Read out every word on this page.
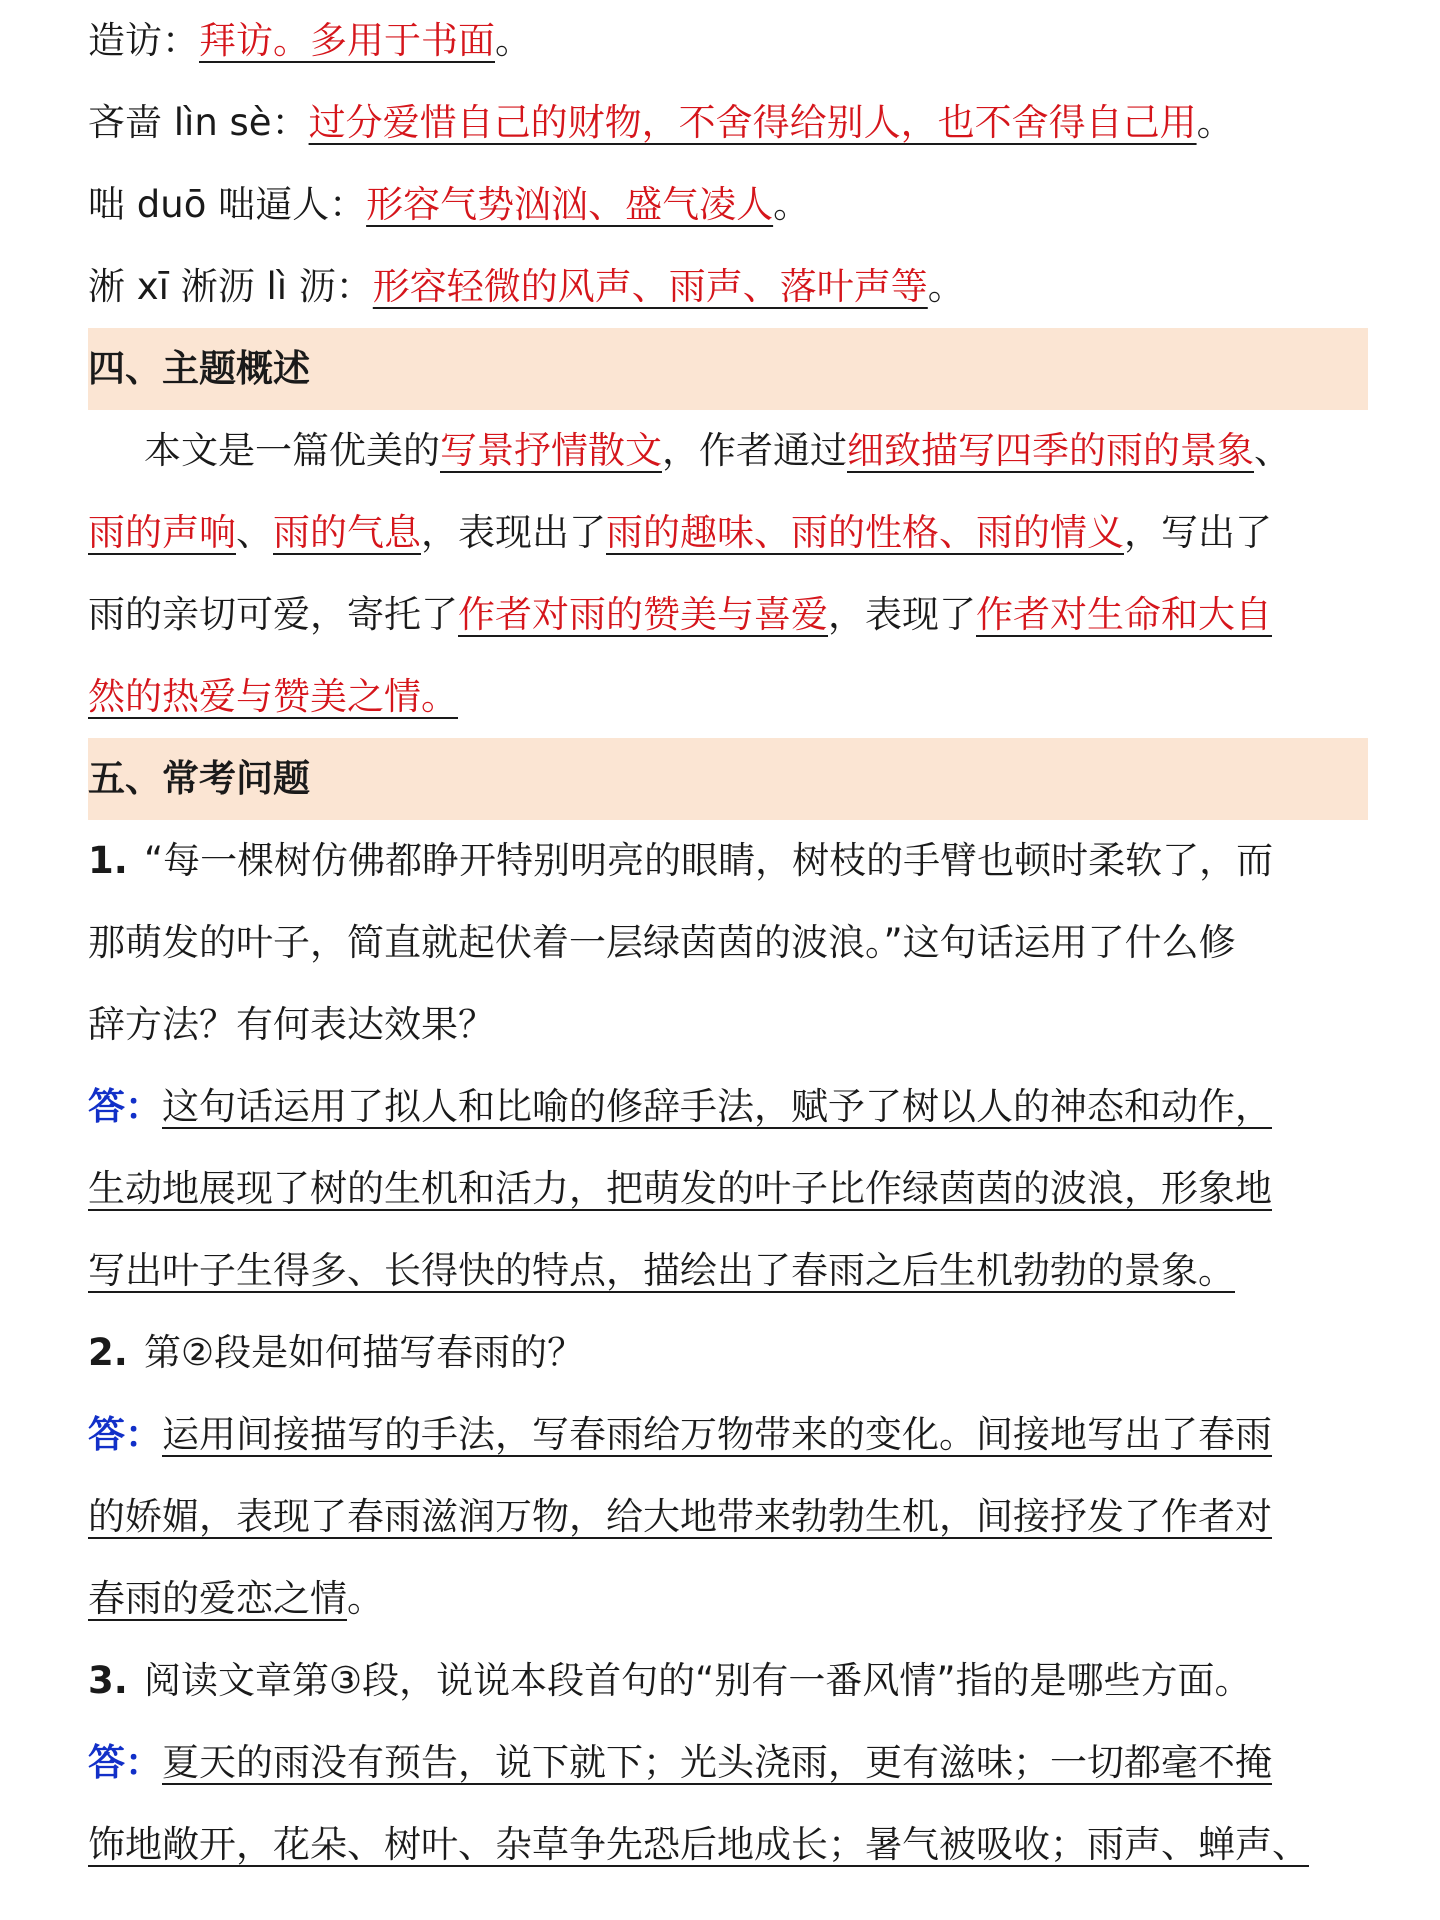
造访：拜访。多用于书面。
吝啬 lìn sè：过分爱惜自己的财物，不舍得给别人，也不舍得自己用。
咄 duō 咄逼人：形容气势汹汹、盛气凌人。
淅 xī 淅沥 lì 沥：形容轻微的风声、雨声、落叶声等。
四、主题概述
本文是一篇优美的写景抒情散文，作者通过细致描写四季的雨的景象、
雨的声响、雨的气息，表现出了雨的趣味、雨的性格、雨的情义，写出了
雨的亲切可爱，寄托了作者对雨的赞美与喜爱，表现了作者对生命和大自
然的热爱与赞美之情。
五、常考问题
1. “每一棵树仿佛都睁开特别明亮的眼睛，树枝的手臂也顿时柔软了，而
那萌发的叶子，简直就起伏着一层绿茵茵的波浪。”这句话运用了什么修
辞方法？有何表达效果？
答：这句话运用了拟人和比喻的修辞手法，赋予了树以人的神态和动作，
生动地展现了树的生机和活力，把萌发的叶子比作绿茵茵的波浪，形象地
写出叶子生得多、长得快的特点，描绘出了春雨之后生机勃勃的景象。
2. 第②段是如何描写春雨的？
答：运用间接描写的手法，写春雨给万物带来的变化。间接地写出了春雨
的娇媚，表现了春雨滋润万物，给大地带来勃勃生机，间接抒发了作者对
春雨的爱恋之情。
3. 阅读文章第③段，说说本段首句的“别有一番风情”指的是哪些方面。
答：夏天的雨没有预告，说下就下；光头浇雨，更有滋味；一切都毫不掩
饰地敞开，花朵、树叶、杂草争先恐后地成长；暑气被吸收；雨声、蝉声、
